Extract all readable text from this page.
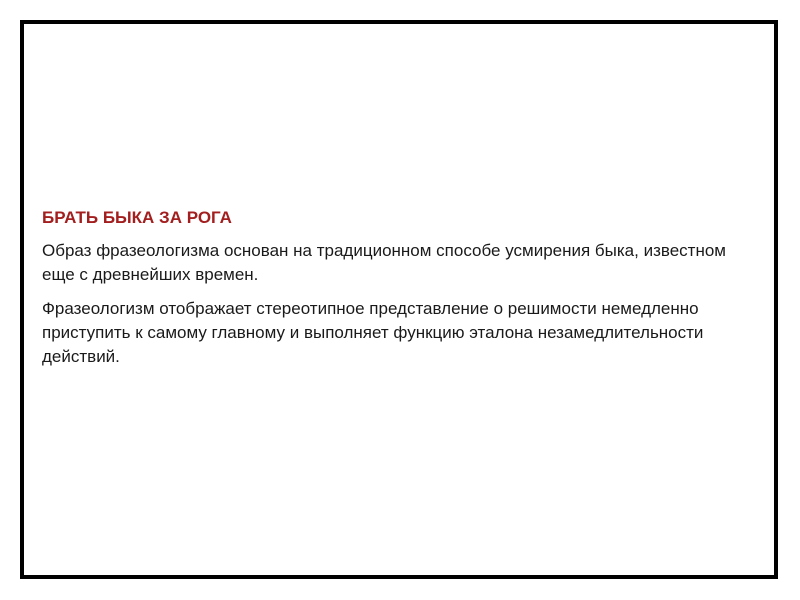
БРАТЬ БЫКА ЗА РОГА

Образ фразеологизма основан на традиционном способе усмирения быка, известном еще с древнейших времен.

Фразеологизм отображает стереотипное представление о решимости немедленно приступить к самому главному и выполняет функцию эталона незамедлительности действий.
